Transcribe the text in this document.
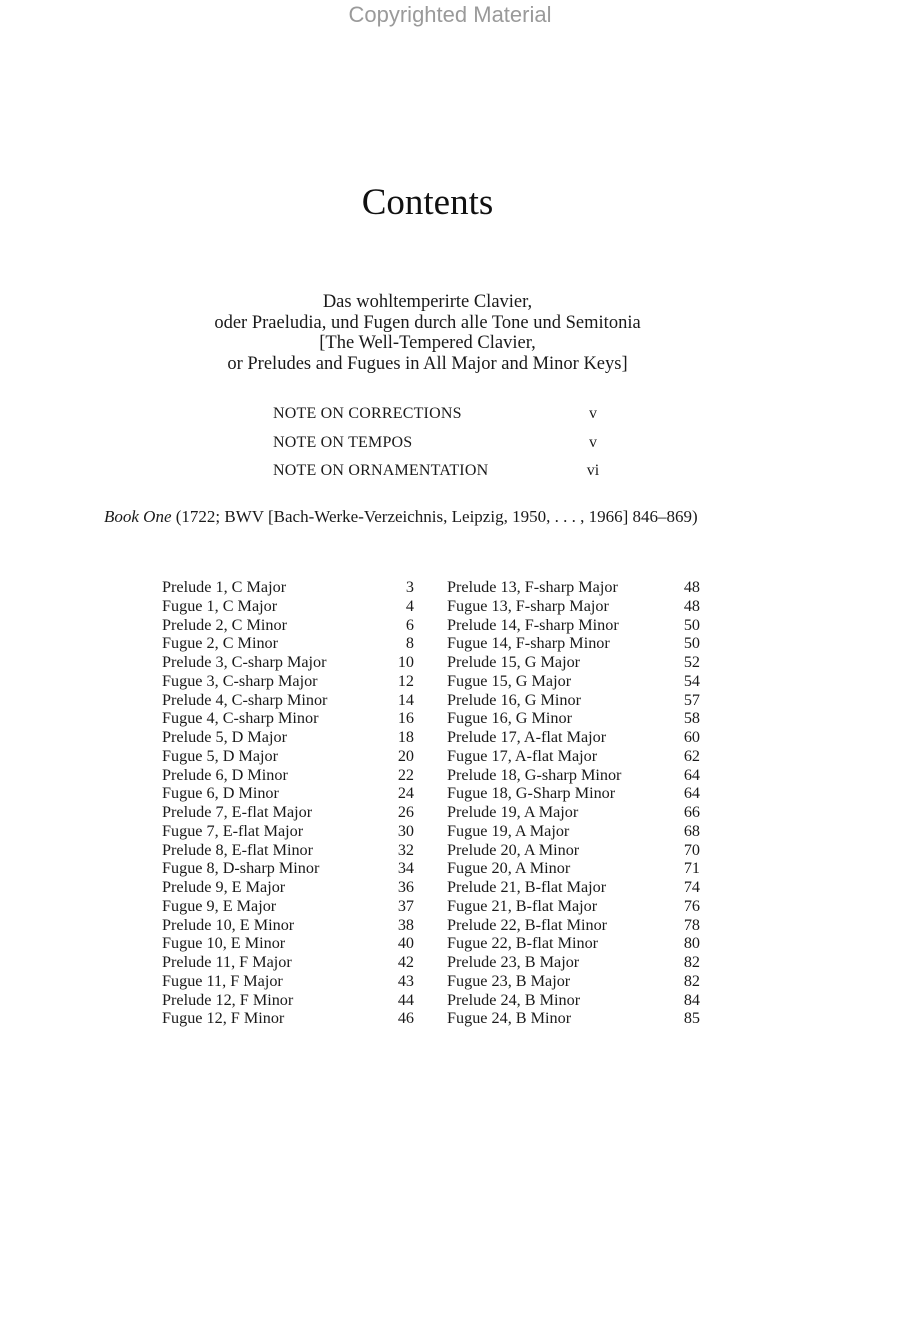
Copyrighted Material
Contents
Das wohltemperirte Clavier,
oder Praeludia, und Fugen durch alle Tone und Semitonia
[The Well-Tempered Clavier,
or Preludes and Fugues in All Major and Minor Keys]
NOTE ON CORRECTIONS	v
NOTE ON TEMPOS	v
NOTE ON ORNAMENTATION	vi
Book One (1722; BWV [Bach-Werke-Verzeichnis, Leipzig, 1950, . . . , 1966] 846–869)
Prelude 1, C Major	3
Fugue 1, C Major	4
Prelude 2, C Minor	6
Fugue 2, C Minor	8
Prelude 3, C-sharp Major	10
Fugue 3, C-sharp Major	12
Prelude 4, C-sharp Minor	14
Fugue 4, C-sharp Minor	16
Prelude 5, D Major	18
Fugue 5, D Major	20
Prelude 6, D Minor	22
Fugue 6, D Minor	24
Prelude 7, E-flat Major	26
Fugue 7, E-flat Major	30
Prelude 8, E-flat Minor	32
Fugue 8, D-sharp Minor	34
Prelude 9, E Major	36
Fugue 9, E Major	37
Prelude 10, E Minor	38
Fugue 10, E Minor	40
Prelude 11, F Major	42
Fugue 11, F Major	43
Prelude 12, F Minor	44
Fugue 12, F Minor	46
Prelude 13, F-sharp Major	48
Fugue 13, F-sharp Major	48
Prelude 14, F-sharp Minor	50
Fugue 14, F-sharp Minor	50
Prelude 15, G Major	52
Fugue 15, G Major	54
Prelude 16, G Minor	57
Fugue 16, G Minor	58
Prelude 17, A-flat Major	60
Fugue 17, A-flat Major	62
Prelude 18, G-sharp Minor	64
Fugue 18, G-Sharp Minor	64
Prelude 19, A Major	66
Fugue 19, A Major	68
Prelude 20, A Minor	70
Fugue 20, A Minor	71
Prelude 21, B-flat Major	74
Fugue 21, B-flat Major	76
Prelude 22, B-flat Minor	78
Fugue 22, B-flat Minor	80
Prelude 23, B Major	82
Fugue 23, B Major	82
Prelude 24, B Minor	84
Fugue 24, B Minor	85
